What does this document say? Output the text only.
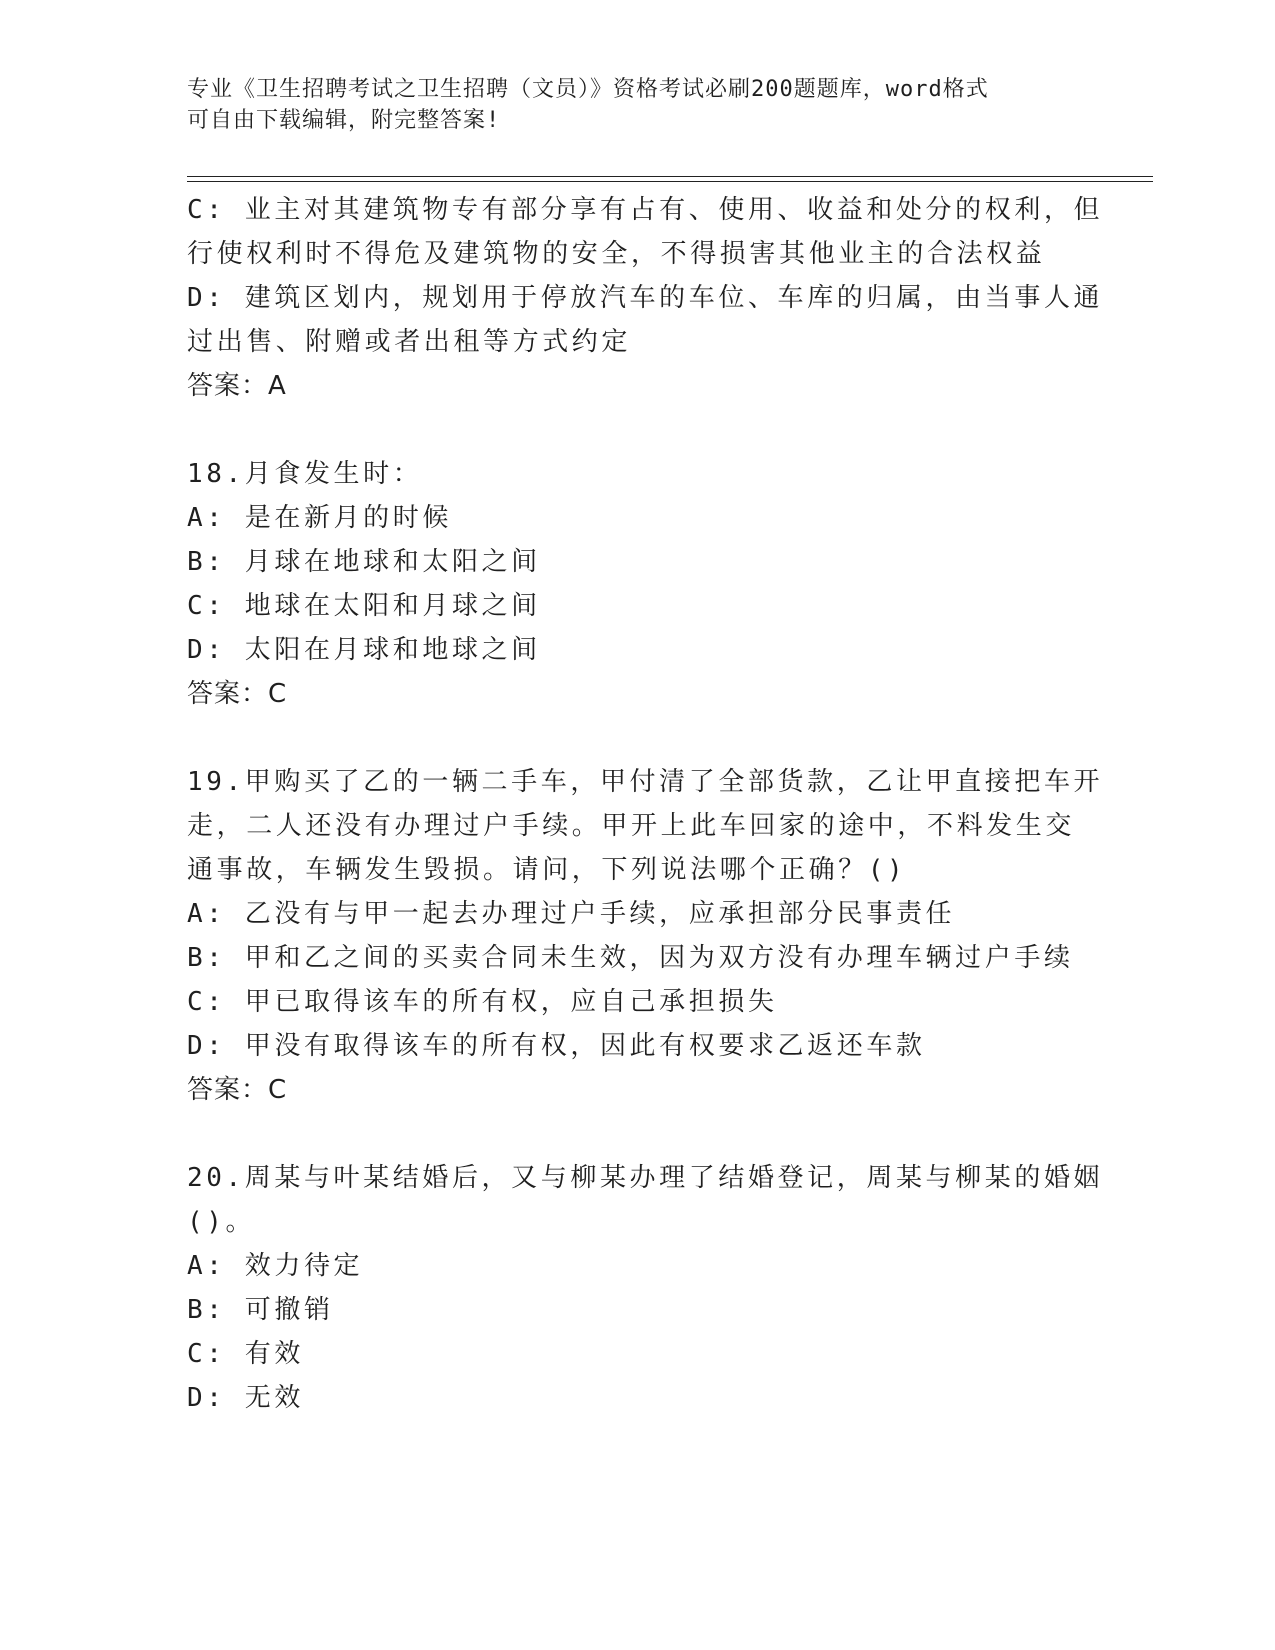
专业《卫生招聘考试之卫生招聘（文员）》资格考试必刷200题题库，word格式
可自由下载编辑，附完整答案!
C: 业主对其建筑物专有部分享有占有、使用、收益和处分的权利，但
行使权利时不得危及建筑物的安全，不得损害其他业主的合法权益
D: 建筑区划内，规划用于停放汽车的车位、车库的归属，由当事人通
过出售、附赠或者出租等方式约定
答案：A
18.月食发生时：
A: 是在新月的时候
B: 月球在地球和太阳之间
C: 地球在太阳和月球之间
D: 太阳在月球和地球之间
答案：C
19.甲购买了乙的一辆二手车，甲付清了全部货款，乙让甲直接把车开
走，二人还没有办理过户手续。甲开上此车回家的途中，不料发生交
通事故，车辆发生毁损。请问，下列说法哪个正确？()
A: 乙没有与甲一起去办理过户手续，应承担部分民事责任
B: 甲和乙之间的买卖合同未生效，因为双方没有办理车辆过户手续
C: 甲已取得该车的所有权，应自己承担损失
D: 甲没有取得该车的所有权，因此有权要求乙返还车款
答案：C
20.周某与叶某结婚后，又与柳某办理了结婚登记，周某与柳某的婚姻
()。
A: 效力待定
B: 可撤销
C: 有效
D: 无效
